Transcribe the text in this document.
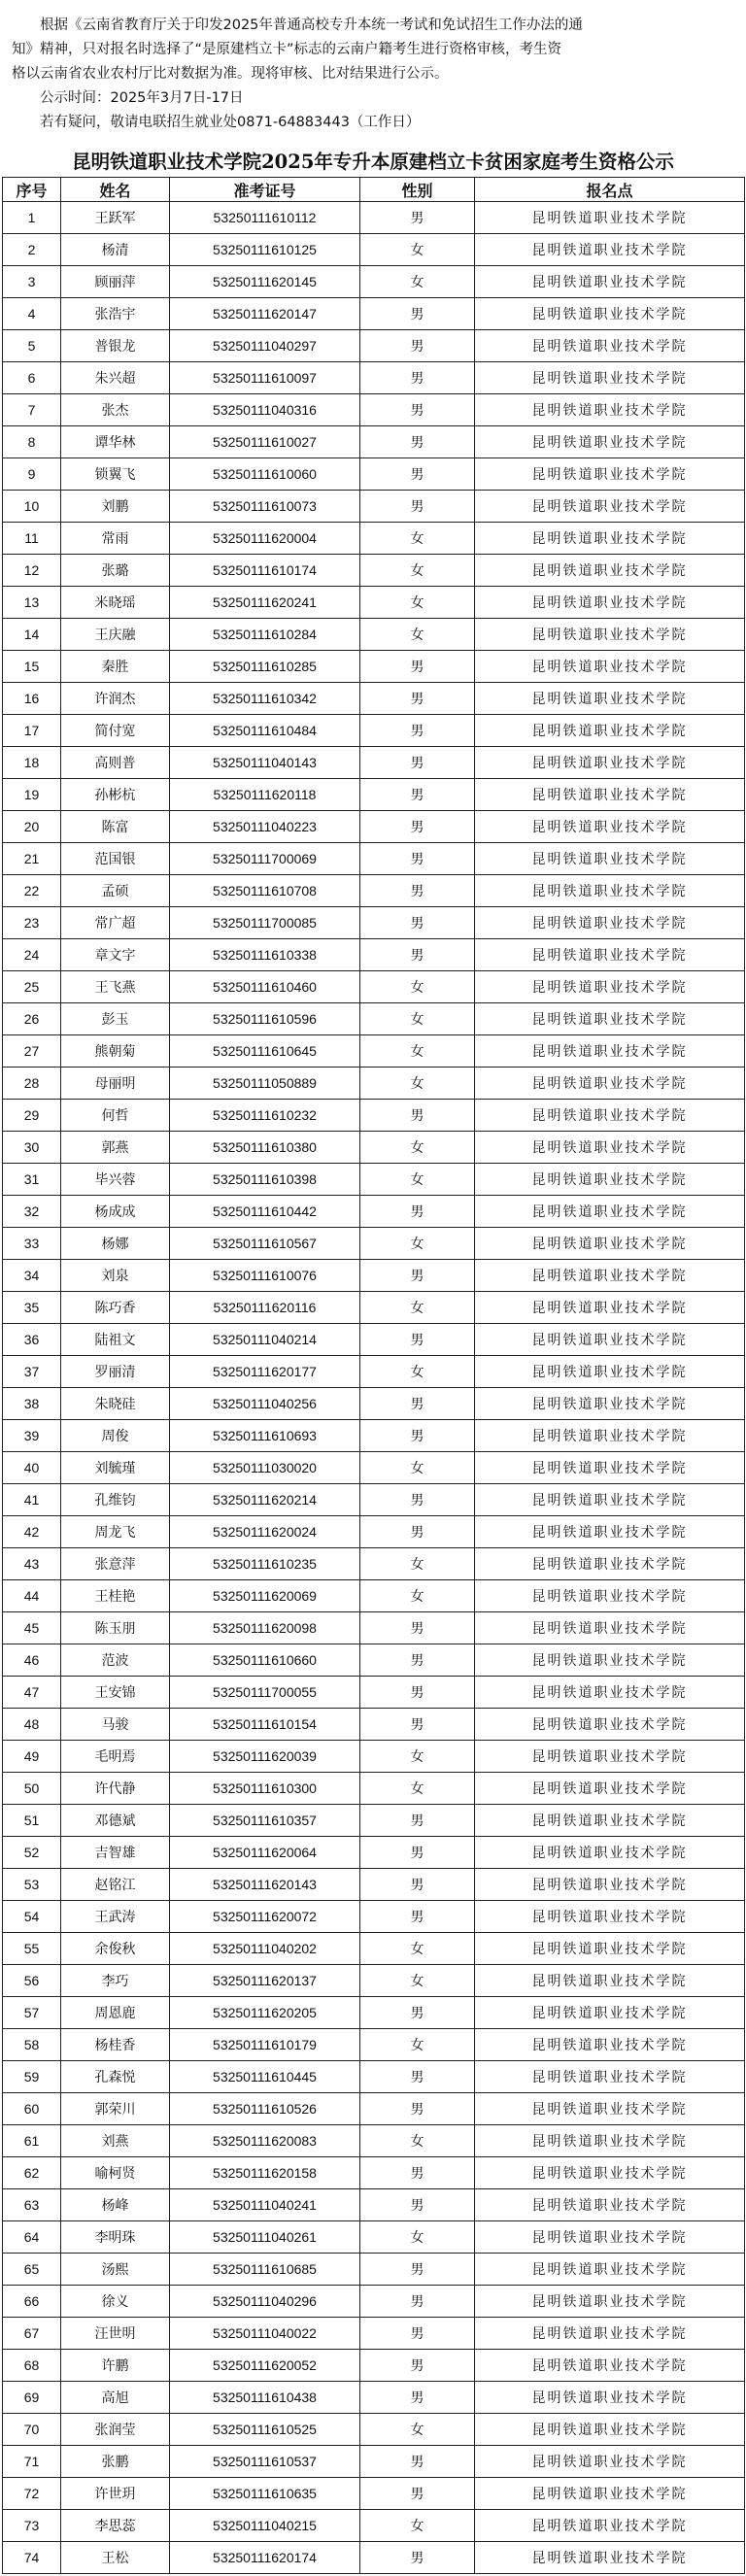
根据《云南省教育厅关于印发2025年普通高校专升本统一考试和免试招生工作办法的通

知》精神，只对报名时选择了“是原建档立卡”标志的云南户籍考生进行资格审核，考生资

格以云南省农业农村厅比对数据为准。现将审核、比对结果进行公示。

公示时间：2025年3月7日-17日

若有疑问，敬请电联招生就业处0871-64883443（工作日）

昆明铁道职业技术学院2025年专升本原建档立卡贫困家庭考生资格公示
序号	姓名	准考证号	性别	报名点
1	王跃军	53250111610112	男	昆明铁道职业技术学院
2	杨清	53250111610125	女	昆明铁道职业技术学院
3	顾丽萍	53250111620145	女	昆明铁道职业技术学院
4	张浩宇	53250111620147	男	昆明铁道职业技术学院
5	普银龙	53250111040297	男	昆明铁道职业技术学院
6	朱兴超	53250111610097	男	昆明铁道职业技术学院
7	张杰	53250111040316	男	昆明铁道职业技术学院
8	谭华林	53250111610027	男	昆明铁道职业技术学院
9	锁翼飞	53250111610060	男	昆明铁道职业技术学院
10	刘鹏	53250111610073	男	昆明铁道职业技术学院
11	常雨	53250111620004	女	昆明铁道职业技术学院
12	张璐	53250111610174	女	昆明铁道职业技术学院
13	米晓瑶	53250111620241	女	昆明铁道职业技术学院
14	王庆融	53250111610284	女	昆明铁道职业技术学院
15	秦胜	53250111610285	男	昆明铁道职业技术学院
16	许润杰	53250111610342	男	昆明铁道职业技术学院
17	简付宽	53250111610484	男	昆明铁道职业技术学院
18	高则普	53250111040143	男	昆明铁道职业技术学院
19	孙彬杭	53250111620118	男	昆明铁道职业技术学院
20	陈富	53250111040223	男	昆明铁道职业技术学院
21	范国银	53250111700069	男	昆明铁道职业技术学院
22	孟硕	53250111610708	男	昆明铁道职业技术学院
23	常广超	53250111700085	男	昆明铁道职业技术学院
24	章文字	53250111610338	男	昆明铁道职业技术学院
25	王飞燕	53250111610460	女	昆明铁道职业技术学院
26	彭玉	53250111610596	女	昆明铁道职业技术学院
27	熊朝菊	53250111610645	女	昆明铁道职业技术学院
28	母丽明	53250111050889	女	昆明铁道职业技术学院
29	何哲	53250111610232	男	昆明铁道职业技术学院
30	郭燕	53250111610380	女	昆明铁道职业技术学院
31	毕兴蓉	53250111610398	女	昆明铁道职业技术学院
32	杨成成	53250111610442	男	昆明铁道职业技术学院
33	杨娜	53250111610567	女	昆明铁道职业技术学院
34	刘泉	53250111610076	男	昆明铁道职业技术学院
35	陈巧香	53250111620116	女	昆明铁道职业技术学院
36	陆祖文	53250111040214	男	昆明铁道职业技术学院
37	罗丽清	53250111620177	女	昆明铁道职业技术学院
38	朱晓硅	53250111040256	男	昆明铁道职业技术学院
39	周俊	53250111610693	男	昆明铁道职业技术学院
40	刘毓瑾	53250111030020	女	昆明铁道职业技术学院
41	孔维钧	53250111620214	男	昆明铁道职业技术学院
42	周龙飞	53250111620024	男	昆明铁道职业技术学院
43	张意萍	53250111610235	女	昆明铁道职业技术学院
44	王桂艳	53250111620069	女	昆明铁道职业技术学院
45	陈玉朋	53250111620098	男	昆明铁道职业技术学院
46	范波	53250111610660	男	昆明铁道职业技术学院
47	王安锦	53250111700055	男	昆明铁道职业技术学院
48	马骏	53250111610154	男	昆明铁道职业技术学院
49	毛明焉	53250111620039	女	昆明铁道职业技术学院
50	许代静	53250111610300	女	昆明铁道职业技术学院
51	邓德斌	53250111610357	男	昆明铁道职业技术学院
52	吉智雄	53250111620064	男	昆明铁道职业技术学院
53	赵铭江	53250111620143	男	昆明铁道职业技术学院
54	王武涛	53250111620072	男	昆明铁道职业技术学院
55	余俊秋	53250111040202	女	昆明铁道职业技术学院
56	李巧	53250111620137	女	昆明铁道职业技术学院
57	周恩鹿	53250111620205	男	昆明铁道职业技术学院
58	杨桂香	53250111610179	女	昆明铁道职业技术学院
59	孔森悦	53250111610445	男	昆明铁道职业技术学院
60	郭荣川	53250111610526	男	昆明铁道职业技术学院
61	刘燕	53250111620083	女	昆明铁道职业技术学院
62	喻柯贤	53250111620158	男	昆明铁道职业技术学院
63	杨峰	53250111040241	男	昆明铁道职业技术学院
64	李明珠	53250111040261	女	昆明铁道职业技术学院
65	汤熙	53250111610685	男	昆明铁道职业技术学院
66	徐义	53250111040296	男	昆明铁道职业技术学院
67	汪世明	53250111040022	男	昆明铁道职业技术学院
68	许鹏	53250111620052	男	昆明铁道职业技术学院
69	高旭	53250111610438	男	昆明铁道职业技术学院
70	张润莹	53250111610525	女	昆明铁道职业技术学院
71	张鹏	53250111610537	男	昆明铁道职业技术学院
72	许世玥	53250111610635	男	昆明铁道职业技术学院
73	李思蕊	53250111040215	女	昆明铁道职业技术学院
74	王松	53250111620174	男	昆明铁道职业技术学院
